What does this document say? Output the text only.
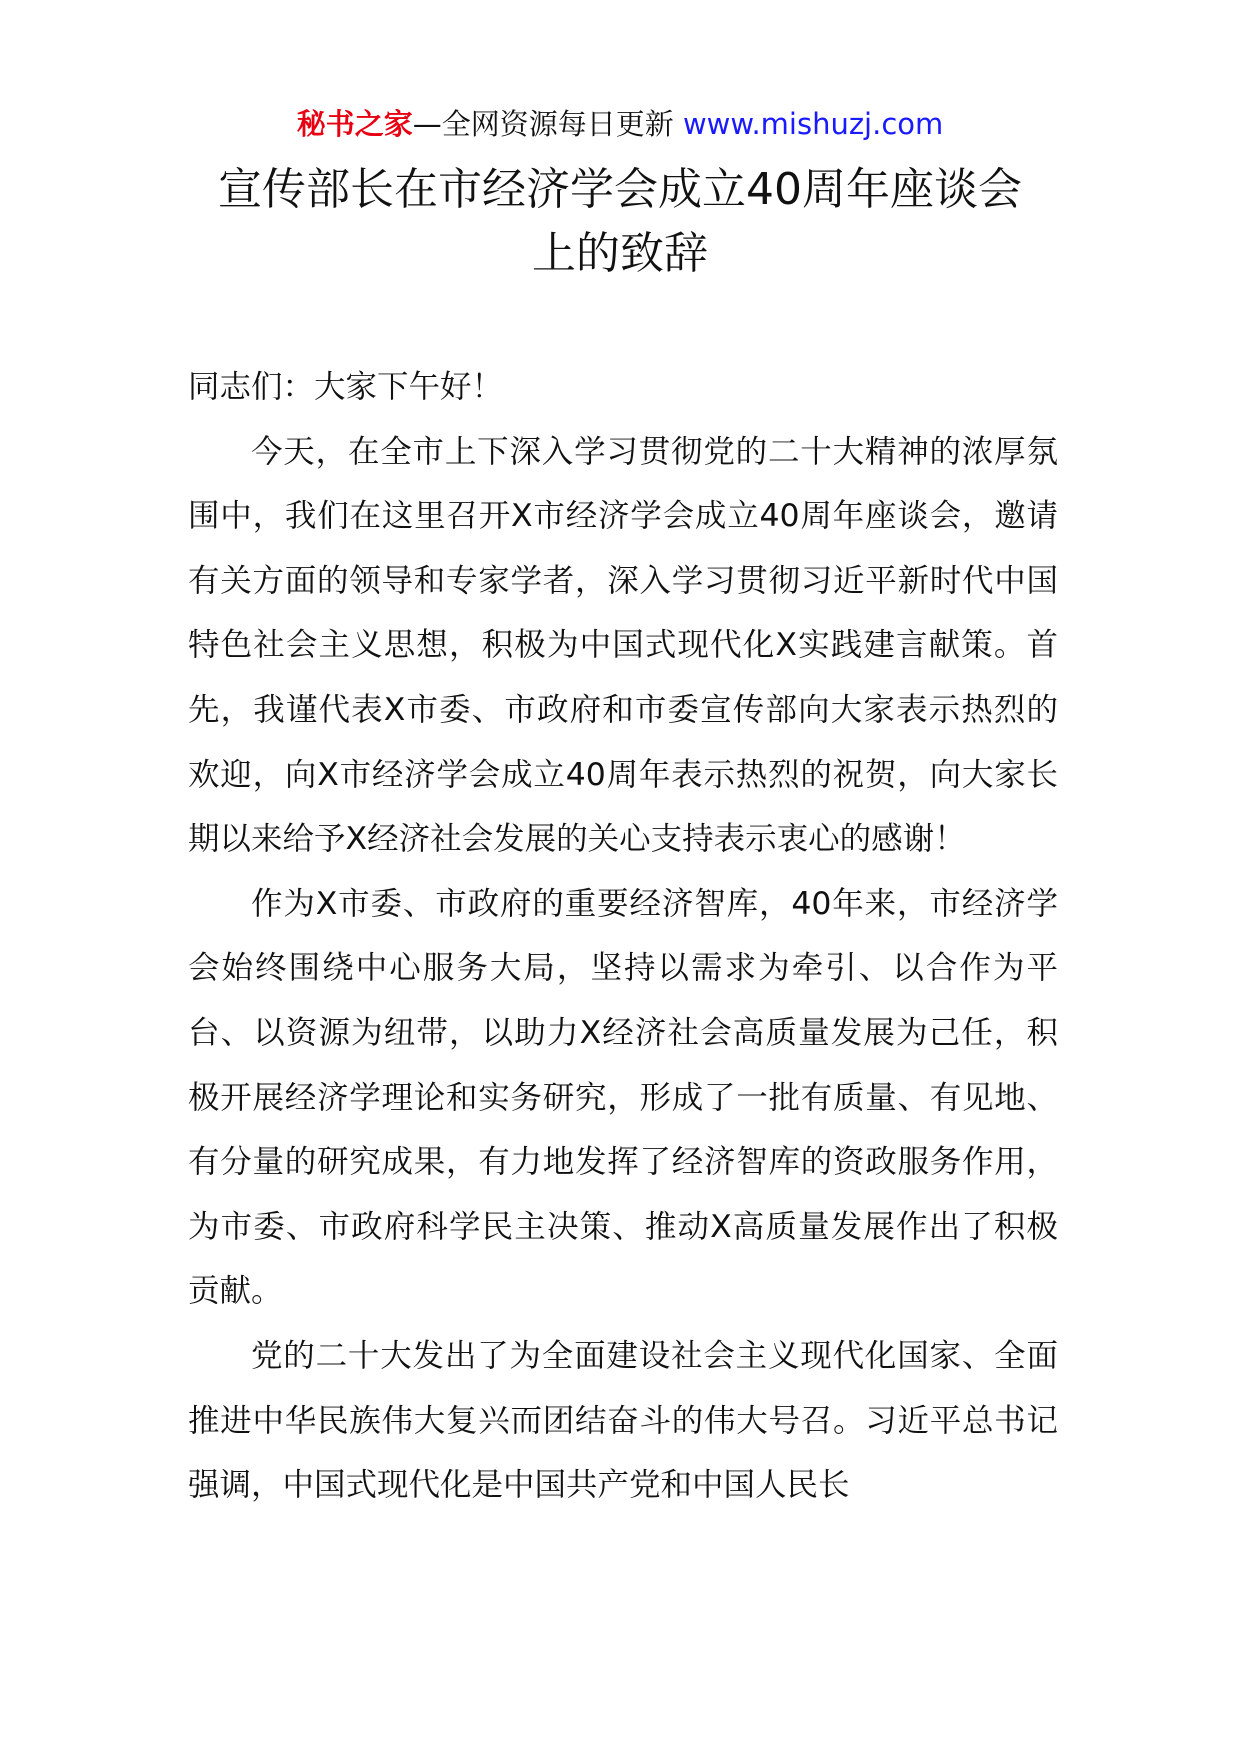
秘书之家—全网资源每日更新 www.mishuzj.com
宣传部长在市经济学会成立40周年座谈会
上的致辞

同志们：大家下午好！

今天，在全市上下深入学习贯彻党的二十大精神的浓厚氛围中，我们在这里召开X市经济学会成立40周年座谈会，邀请有关方面的领导和专家学者，深入学习贯彻习近平新时代中国特色社会主义思想，积极为中国式现代化X实践建言献策。首先，我谨代表X市委、市政府和市委宣传部向大家表示热烈的欢迎，向X市经济学会成立40周年表示热烈的祝贺，向大家长期以来给予X经济社会发展的关心支持表示衷心的感谢！

作为X市委、市政府的重要经济智库，40年来，市经济学会始终围绕中心服务大局，坚持以需求为牵引、以合作为平台、以资源为纽带，以助力X经济社会高质量发展为己任，积极开展经济学理论和实务研究，形成了一批有质量、有见地、有分量的研究成果，有力地发挥了经济智库的资政服务作用，为市委、市政府科学民主决策、推动X高质量发展作出了积极贡献。

党的二十大发出了为全面建设社会主义现代化国家、全面推进中华民族伟大复兴而团结奋斗的伟大号召。习近平总书记强调，中国式现代化是中国共产党和中国人民长
